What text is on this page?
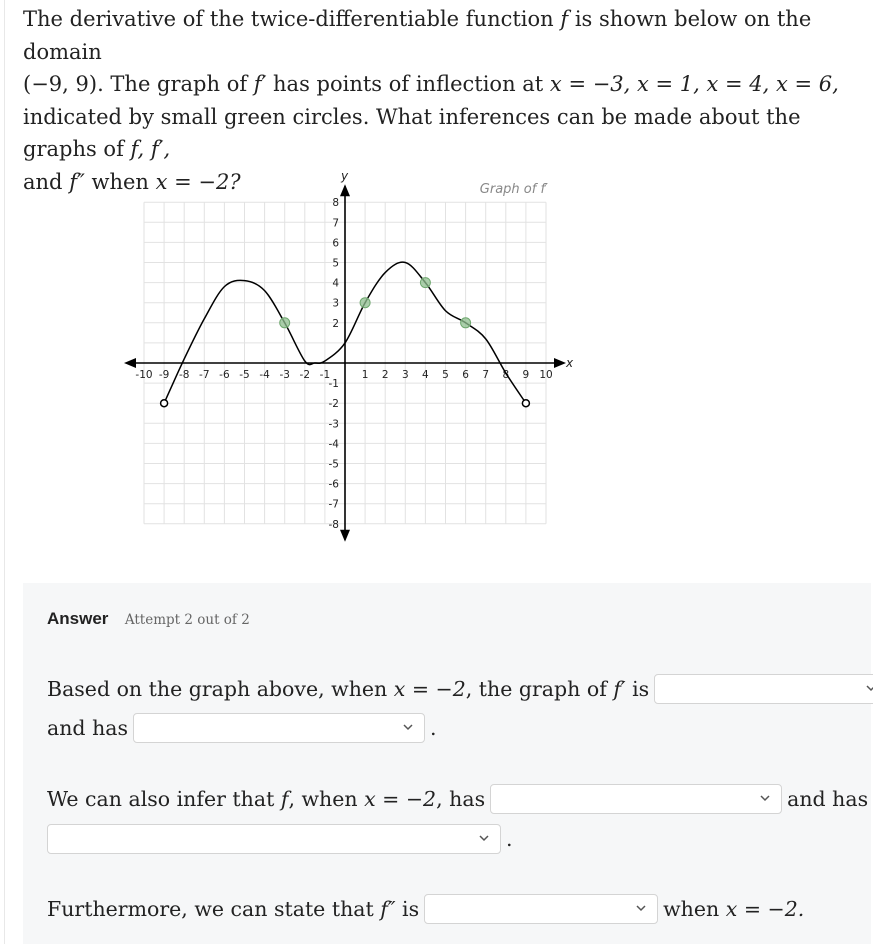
The derivative of the twice-differentiable function f is shown below on the domain
(−9, 9). The graph of f′ has points of inflection at x = −3, x = 1, x = 4, x = 6,
indicated by small green circles. What inferences can be made about the graphs of f, f′,
and f″ when x = −2?
-10 -9 -8 -7 -6 -5 -4 -3 -2 -1	1 2 3 4 5 6 7 8 9 10
8
7
6
5
4
3
2
-1
-2
-3
-4
-5
-6
-7
-8
Graph of f′
x
y
Answer Attempt 2 out of 2
Based on the graph above, when
x = −2 , the graph of
f′
is
and has	.
We can also infer that
f , when
x = −2 , has	and has
.
Furthermore, we can state that
f″
is	when
x = −2.
